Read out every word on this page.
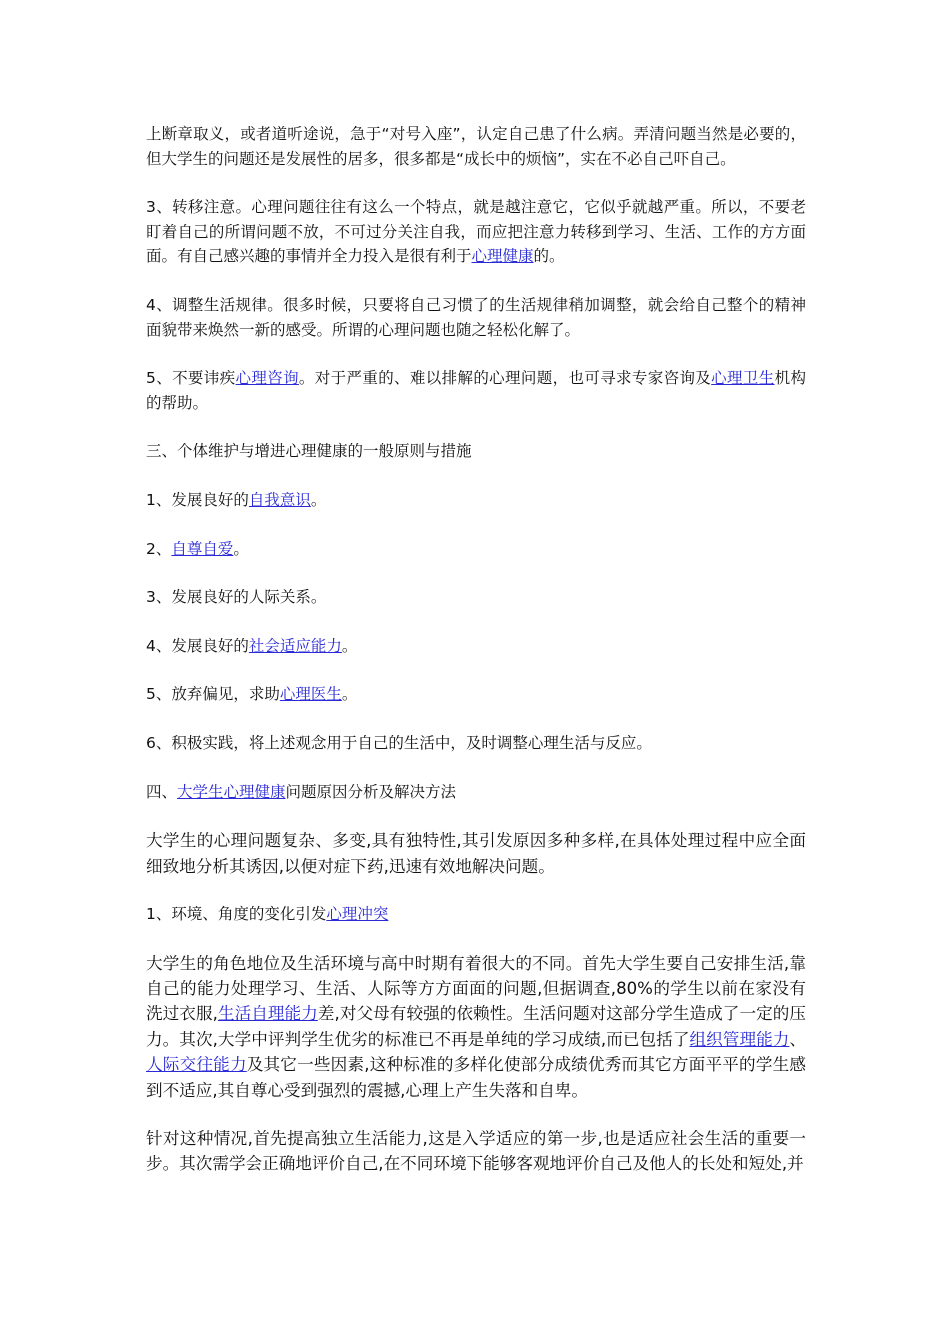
上断章取义，或者道听途说，急于“对号入座”，认定自己患了什么病。弄清问题当然是必要的，但大学生的问题还是发展性的居多，很多都是“成长中的烦恼”，实在不必自己吓自己。

3、转移注意。心理问题往往有这么一个特点，就是越注意它，它似乎就越严重。所以，不要老盯着自己的所谓问题不放，不可过分关注自我，而应把注意力转移到学习、生活、工作的方方面面。有自己感兴趣的事情并全力投入是很有利于心理健康的。

4、调整生活规律。很多时候，只要将自己习惯了的生活规律稍加调整，就会给自己整个的精神面貌带来焕然一新的感受。所谓的心理问题也随之轻松化解了。

5、不要讳疾心理咨询。对于严重的、难以排解的心理问题，也可寻求专家咨询及心理卫生机构的帮助。

三、个体维护与增进心理健康的一般原则与措施

1、发展良好的自我意识。

2、自尊自爱。

3、发展良好的人际关系。

4、发展良好的社会适应能力。

5、放弃偏见，求助心理医生。

6、积极实践，将上述观念用于自己的生活中，及时调整心理生活与反应。

四、大学生心理健康问题原因分析及解决方法

大学生的心理问题复杂、多变,具有独特性,其引发原因多种多样,在具体处理过程中应全面细致地分析其诱因,以便对症下药,迅速有效地解决问题。

1、环境、角度的变化引发心理冲突

大学生的角色地位及生活环境与高中时期有着很大的不同。首先大学生要自己安排生活,靠自己的能力处理学习、生活、人际等方方面面的问题,但据调查,80%的学生以前在家没有洗过衣服,生活自理能力差,对父母有较强的依赖性。生活问题对这部分学生造成了一定的压力。其次,大学中评判学生优劣的标准已不再是单纯的学习成绩,而已包括了组织管理能力、人际交往能力及其它一些因素,这种标准的多样化使部分成绩优秀而其它方面平平的学生感到不适应,其自尊心受到强烈的震撼,心理上产生失落和自卑。

针对这种情况,首先提高独立生活能力,这是入学适应的第一步,也是适应社会生活的重要一步。其次需学会正确地评价自己,在不同环境下能够客观地评价自己及他人的长处和短处,并
